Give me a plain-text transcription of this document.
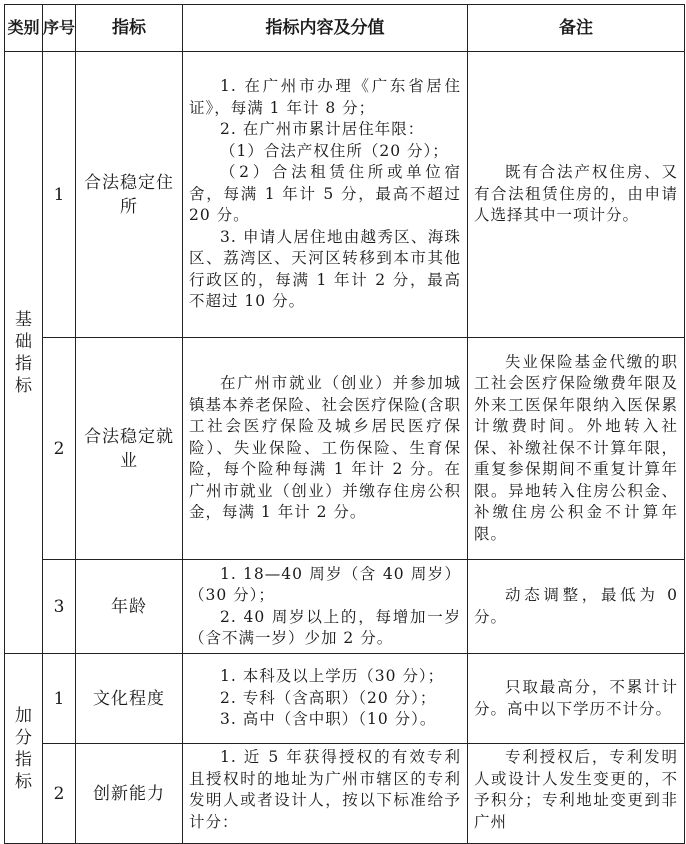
类别	序号	指标	指标内容及分值	备注
基础指标	1	合法稳定住所	1. 在广州市办理《广东省居住证》，每满 1 年计 8 分；

2. 在广州市累计居住年限：

（1）合法产权住所（20 分）；

（2）合法租赁住所或单位宿舍，每满 1 年计 5 分，最高不超过 20 分。

3. 申请人居住地由越秀区、海珠区、荔湾区、天河区转移到本市其他行政区的，每满 1 年计 2 分，最高不超过 10 分。	既有合法产权住房、又有合法租赁住房的，由申请人选择其中一项计分。

	2	合法稳定就业	在广州市就业（创业）并参加城镇基本养老保险、社会医疗保险(含职工社会医疗保险及城乡居民医疗保险）、失业保险、工伤保险、生育保险，每个险种每满 1 年计 2 分。在广州市就业（创业）并缴存住房公积金，每满 1 年计 2 分。	失业保险基金代缴的职工社会医疗保险缴费年限及外来工医保年限纳入医保累计缴费时间。外地转入社保、补缴社保不计算年限，重复参保期间不重复计算年限。异地转入住房公积金、补缴住房公积金不计算年限。

	3	年龄	1. 18—40 周岁（含 40 周岁）（30 分）；

2. 40 周岁以上的，每增加一岁（含不满一岁）少加 2 分。	动态调整，最低为 0 分。

加分指标	1	文化程度	1. 本科及以上学历（30 分）；

2. 专科（含高职）（20 分）；

3. 高中（含中职）（10 分）。	只取最高分，不累计计分。高中以下学历不计分。

	2	创新能力	1. 近 5 年获得授权的有效专利且授权时的地址为广州市辖区的专利发明人或者设计人，按以下标准给予计分：	专利授权后，专利发明人或设计人发生变更的，不予积分；专利地址变更到非广州
